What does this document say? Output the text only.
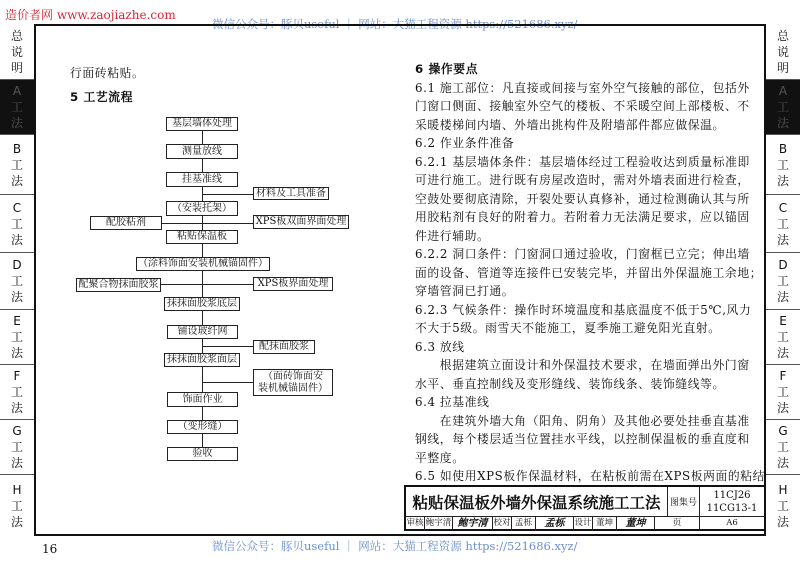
造价者网 www.zaojiazhe.com
微信公众号：豚贝useful ｜ 网站：大猫工程资源 https://521686.xyz/
总
说
明
A
工
法
B
工
法
C
工
法
D
工
法
E
工
法
F
工
法
G
工
法
H
工
法
总
说
明
A
工
法
B
工
法
C
工
法
D
工
法
E
工
法
F
工
法
G
工
法
H
工
法
行面砖粘贴。
5 工艺流程
基层墙体处理
测量放线
挂基准线
（安装托架）
粘贴保温板
（涂料饰面安装机械锚固件）
抹抹面胶浆底层
铺设玻纤网
抹抹面胶浆面层
饰面作业
（变形缝）
验收
材料及工具准备
配胶粘剂	XPS板双面界面处理
配聚合物抹面胶浆	XPS板界面处理
配抹面胶浆
（面砖饰面安
装机械锚固件）
6 操作要点
6.1 施工部位：凡直接或间接与室外空气接触的部位，包括外
门窗口侧面、接触室外空气的楼板、不采暖空间上部楼板、不
采暖楼梯间内墙、外墙出挑构件及附墙部件都应做保温。
6.2 作业条件准备
6.2.1 基层墙体条件：基层墙体经过工程验收达到质量标准即
可进行施工。进行既有房屋改造时，需对外墙表面进行检查，
空鼓处要彻底清除，开裂处要认真修补，通过检测确认其与所
用胶粘剂有良好的附着力。若附着力无法满足要求，应以锚固
件进行辅助。
6.2.2 洞口条件：门窗洞口通过验收，门窗框已立完；伸出墙
面的设备、管道等连接件已安装完毕，并留出外保温施工余地；
穿墙管洞已打通。
6.2.3 气候条件：操作时环境温度和基底温度不低于5℃,风力
不大于5级。雨雪天不能施工，夏季施工避免阳光直射。
6.3 放线
　　根据建筑立面设计和外保温技术要求，在墙面弹出外门窗
水平、垂直控制线及变形缝线、装饰线条、装饰缝线等。
6.4 拉基准线
　　在建筑外墙大角（阳角、阴角）及其他必要处挂垂直基准
钢线，每个楼层适当位置挂水平线，以控制保温板的垂直度和
平整度。
6.5 如使用XPS板作保温材料，在粘板前需在XPS板两面的粘结
粘贴保温板外墙外保温系统施工工法	图集号
11CJ26
11CG13-1
审核 鲍宇清 鲍宇清 校对 孟栎	孟栎	设计 董坤	董坤	页	A6
微信公众号：豚贝useful ｜ 网站：大猫工程资源 https://521686.xyz/
16
